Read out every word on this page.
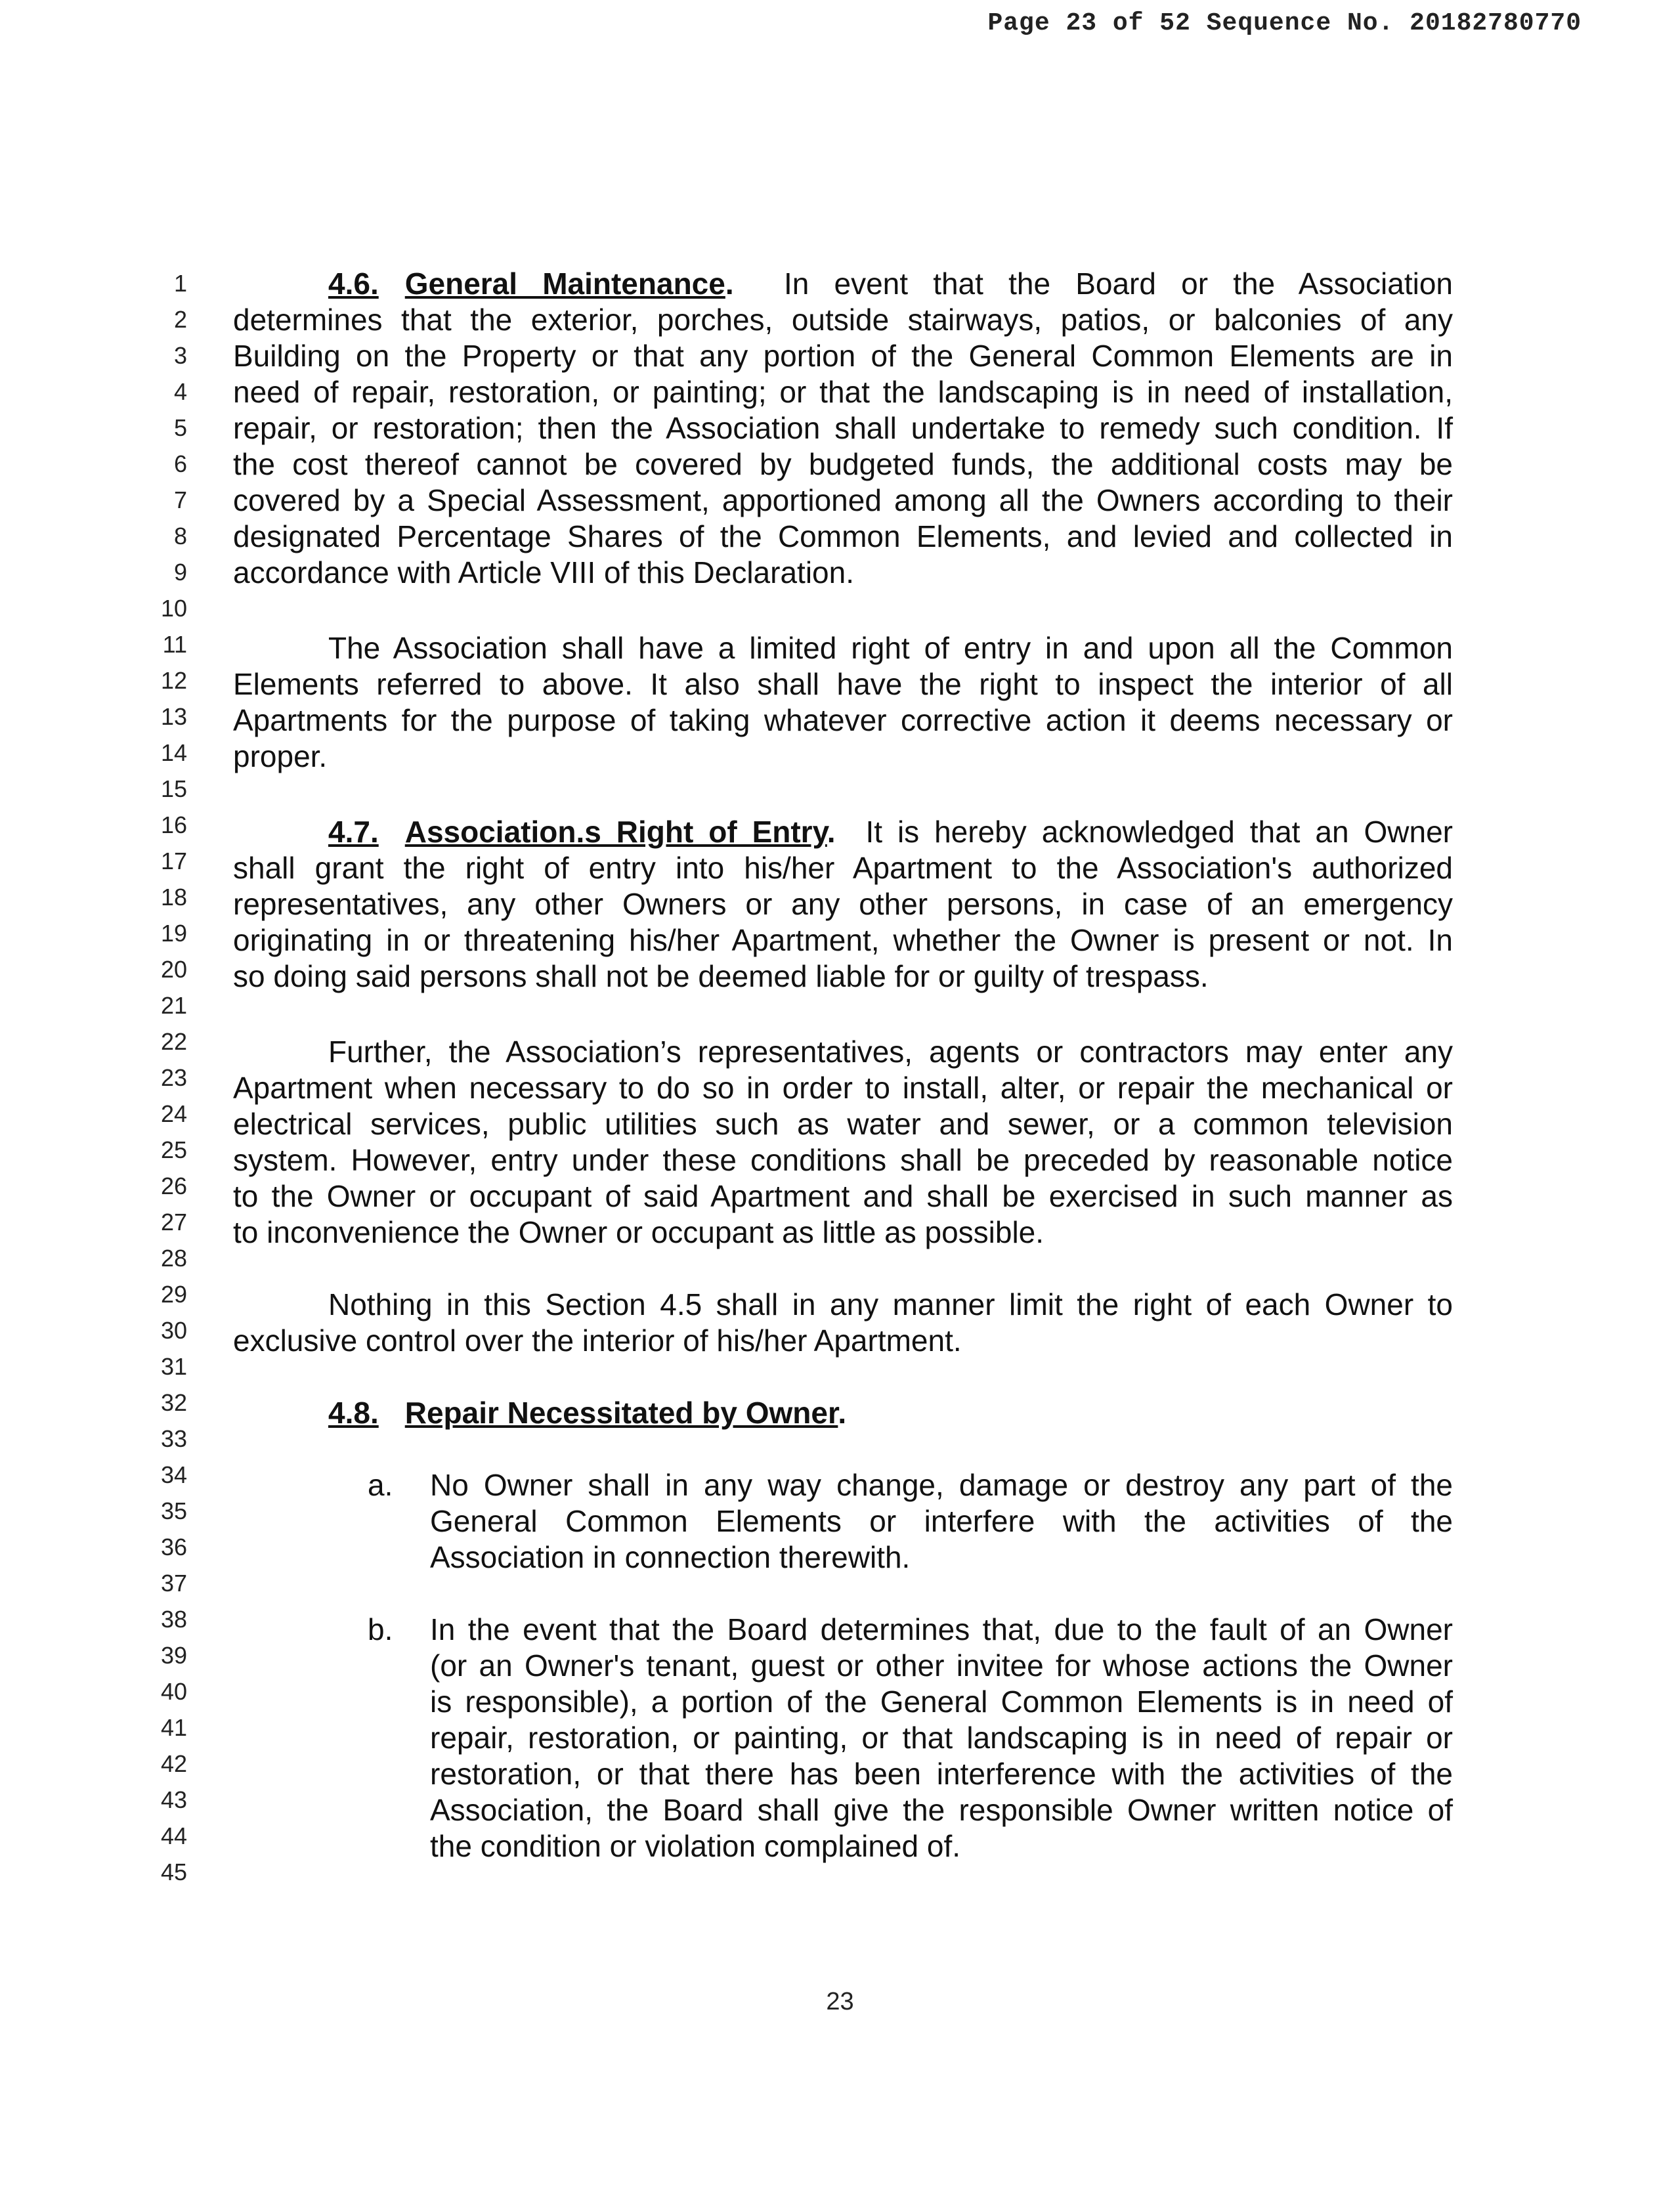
Page 23 of 52 Sequence No. 20182780770
1
2
3
4
5
6
7
8
9
10
11
12
13
14
15
16
17
18
19
20
21
22
23
24
25
26
27
28
29
30
31
32
33
34
35
36
37
38
39
40
41
42
43
44
45
4.6. General Maintenance. In event that the Board or the Association
determines that the exterior, porches, outside stairways, patios, or balconies of any
Building on the Property or that any portion of the General Common Elements are in
need of repair, restoration, or painting; or that the landscaping is in need of installation,
repair, or restoration; then the Association shall undertake to remedy such condition. If
the cost thereof cannot be covered by budgeted funds, the additional costs may be
covered by a Special Assessment, apportioned among all the Owners according to their
designated Percentage Shares of the Common Elements, and levied and collected in
accordance with Article VIII of this Declaration.
The Association shall have a limited right of entry in and upon all the Common
Elements referred to above. It also shall have the right to inspect the interior of all
Apartments for the purpose of taking whatever corrective action it deems necessary or
proper.
4.7. Association.s Right of Entry. It is hereby acknowledged that an Owner
shall grant the right of entry into his/her Apartment to the Association's authorized
representatives, any other Owners or any other persons, in case of an emergency
originating in or threatening his/her Apartment, whether the Owner is present or not. In
so doing said persons shall not be deemed liable for or guilty of trespass.
Further, the Association’s representatives, agents or contractors may enter any
Apartment when necessary to do so in order to install, alter, or repair the mechanical or
electrical services, public utilities such as water and sewer, or a common television
system. However, entry under these conditions shall be preceded by reasonable notice
to the Owner or occupant of said Apartment and shall be exercised in such manner as
to inconvenience the Owner or occupant as little as possible.
Nothing in this Section 4.5 shall in any manner limit the right of each Owner to
exclusive control over the interior of his/her Apartment.
4.8. Repair Necessitated by Owner.
a. No Owner shall in any way change, damage or destroy any part of the
General Common Elements or interfere with the activities of the
Association in connection therewith.
b. In the event that the Board determines that, due to the fault of an Owner
(or an Owner's tenant, guest or other invitee for whose actions the Owner
is responsible), a portion of the General Common Elements is in need of
repair, restoration, or painting, or that landscaping is in need of repair or
restoration, or that there has been interference with the activities of the
Association, the Board shall give the responsible Owner written notice of
the condition or violation complained of.
23
